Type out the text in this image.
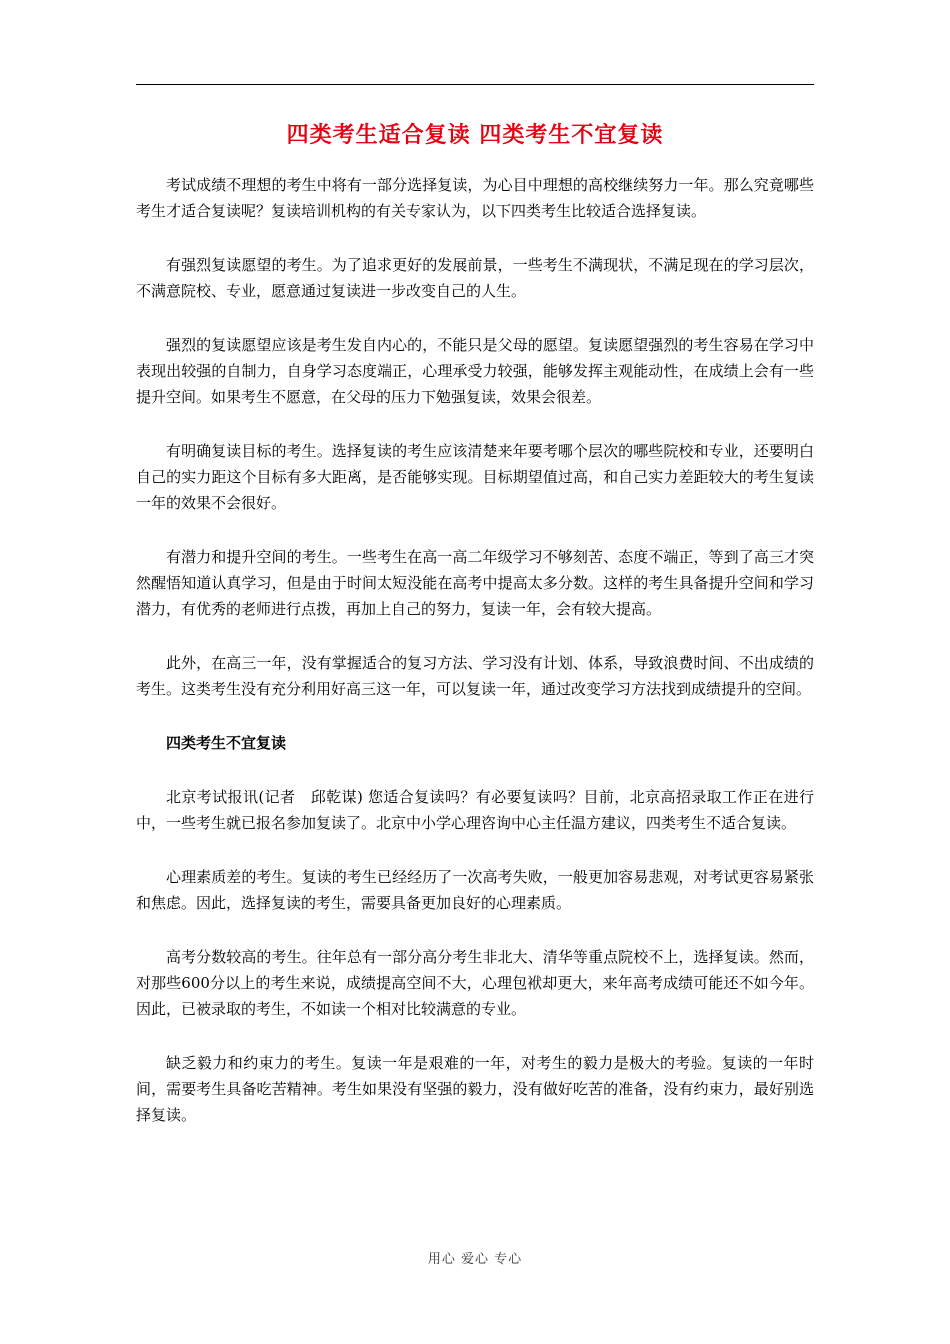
四类考生适合复读 四类考生不宜复读

考试成绩不理想的考生中将有一部分选择复读，为心目中理想的高校继续努力一年。那么究竟哪些考生才适合复读呢？复读培训机构的有关专家认为，以下四类考生比较适合选择复读。

有强烈复读愿望的考生。为了追求更好的发展前景，一些考生不满现状，不满足现在的学习层次，不满意院校、专业，愿意通过复读进一步改变自己的人生。

强烈的复读愿望应该是考生发自内心的，不能只是父母的愿望。复读愿望强烈的考生容易在学习中表现出较强的自制力，自身学习态度端正，心理承受力较强，能够发挥主观能动性，在成绩上会有一些提升空间。如果考生不愿意，在父母的压力下勉强复读，效果会很差。

有明确复读目标的考生。选择复读的考生应该清楚来年要考哪个层次的哪些院校和专业，还要明白自己的实力距这个目标有多大距离，是否能够实现。目标期望值过高，和自己实力差距较大的考生复读一年的效果不会很好。

有潜力和提升空间的考生。一些考生在高一高二年级学习不够刻苦、态度不端正，等到了高三才突然醒悟知道认真学习，但是由于时间太短没能在高考中提高太多分数。这样的考生具备提升空间和学习潜力，有优秀的老师进行点拨，再加上自己的努力，复读一年，会有较大提高。

此外，在高三一年，没有掌握适合的复习方法、学习没有计划、体系，导致浪费时间、不出成绩的考生。这类考生没有充分利用好高三这一年，可以复读一年，通过改变学习方法找到成绩提升的空间。

四类考生不宜复读

北京考试报讯(记者　邱乾谋) 您适合复读吗？有必要复读吗？目前，北京高招录取工作正在进行中，一些考生就已报名参加复读了。北京中小学心理咨询中心主任温方建议，四类考生不适合复读。

心理素质差的考生。复读的考生已经经历了一次高考失败，一般更加容易悲观，对考试更容易紧张和焦虑。因此，选择复读的考生，需要具备更加良好的心理素质。

高考分数较高的考生。往年总有一部分高分考生非北大、清华等重点院校不上，选择复读。然而，对那些600分以上的考生来说，成绩提高空间不大，心理包袱却更大，来年高考成绩可能还不如今年。因此，已被录取的考生，不如读一个相对比较满意的专业。

缺乏毅力和约束力的考生。复读一年是艰难的一年，对考生的毅力是极大的考验。复读的一年时间，需要考生具备吃苦精神。考生如果没有坚强的毅力，没有做好吃苦的准备，没有约束力，最好别选择复读。

用心 爱心 专心
